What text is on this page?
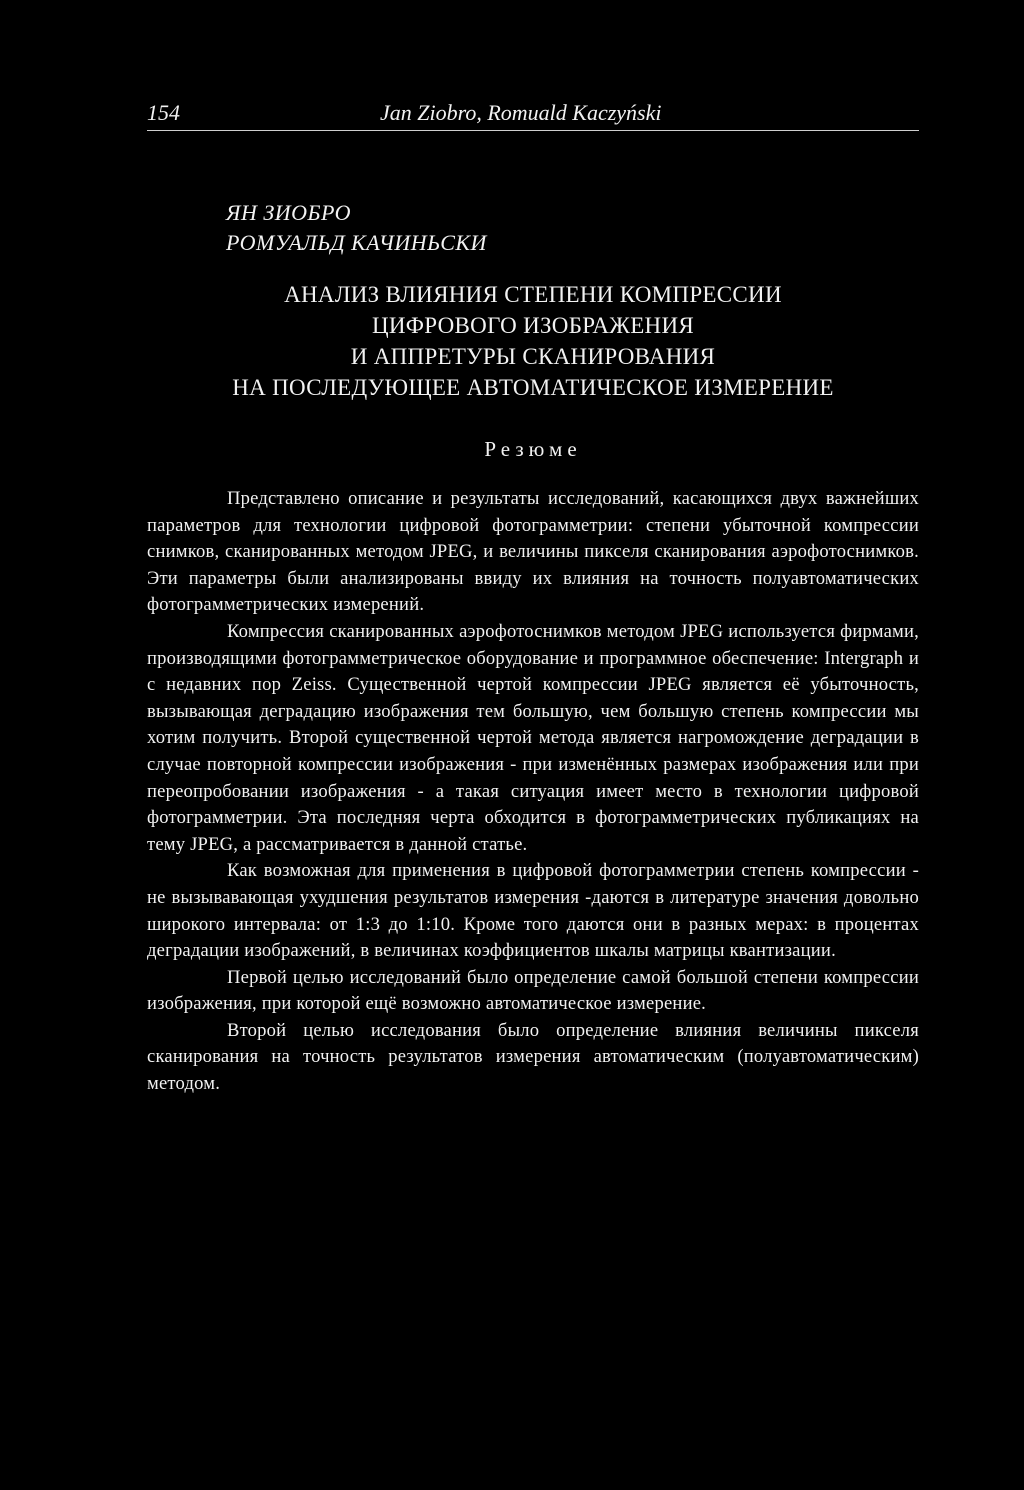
154	Jan Ziobro, Romuald Kaczyński
ЯН ЗИОБРО
РОМУАЛЬД КАЧИНЬСКИ
АНАЛИЗ ВЛИЯНИЯ СТЕПЕНИ КОМПРЕССИИ
ЦИФРОВОГО ИЗОБРАЖЕНИЯ
И АППРЕТУРЫ СКАНИРОВАНИЯ
НА ПОСЛЕДУЮЩЕЕ АВТОМАТИЧЕСКОЕ ИЗМЕРЕНИЕ
Резюме

Представлено описание и результаты исследований, касающихся двух важнейших параметров для технологии цифровой фотограмметрии: степени убыточной компрессии снимков, сканированных методом JPEG, и величины пикселя сканирования аэрофотоснимков. Эти параметры были анализированы ввиду их влияния на точность полуавтоматических фотограмметрических измерений.

Компрессия сканированных аэрофотоснимков методом JPEG используется фирмами, производящими фотограмметрическое оборудование и программное обеспечение: Intergraph и с недавних пор Zeiss. Существенной чертой компрессии JPEG является её убыточность, вызывающая деградацию изображения тем большую, чем большую степень компрессии мы хотим получить. Второй существенной чертой метода является нагромождение деградации в случае повторной компрессии изображения - при изменённых размерах изображения или при переопробовании изображения - а такая ситуация имеет место в технологии цифровой фотограмметрии. Эта последняя черта обходится в фотограмметрических публикациях на тему JPEG, а рассматривается в данной статье.

Как возможная для применения в цифровой фотограмметрии степень компрессии - не вызывавающая ухудшения результатов измерения -даются в литературе значения довольно широкого интервала: от 1:3 до 1:10. Кроме того даются они в разных мерах: в процентах деградации изображений, в величинах коэффициентов шкалы матрицы квантизации.

Первой целью исследований было определение самой большой степени компрессии изображения, при которой ещё возможно автоматическое измерение.

Второй целью исследования было определение влияния величины пикселя сканирования на точность результатов измерения автоматическим (полуавтоматическим) методом.
